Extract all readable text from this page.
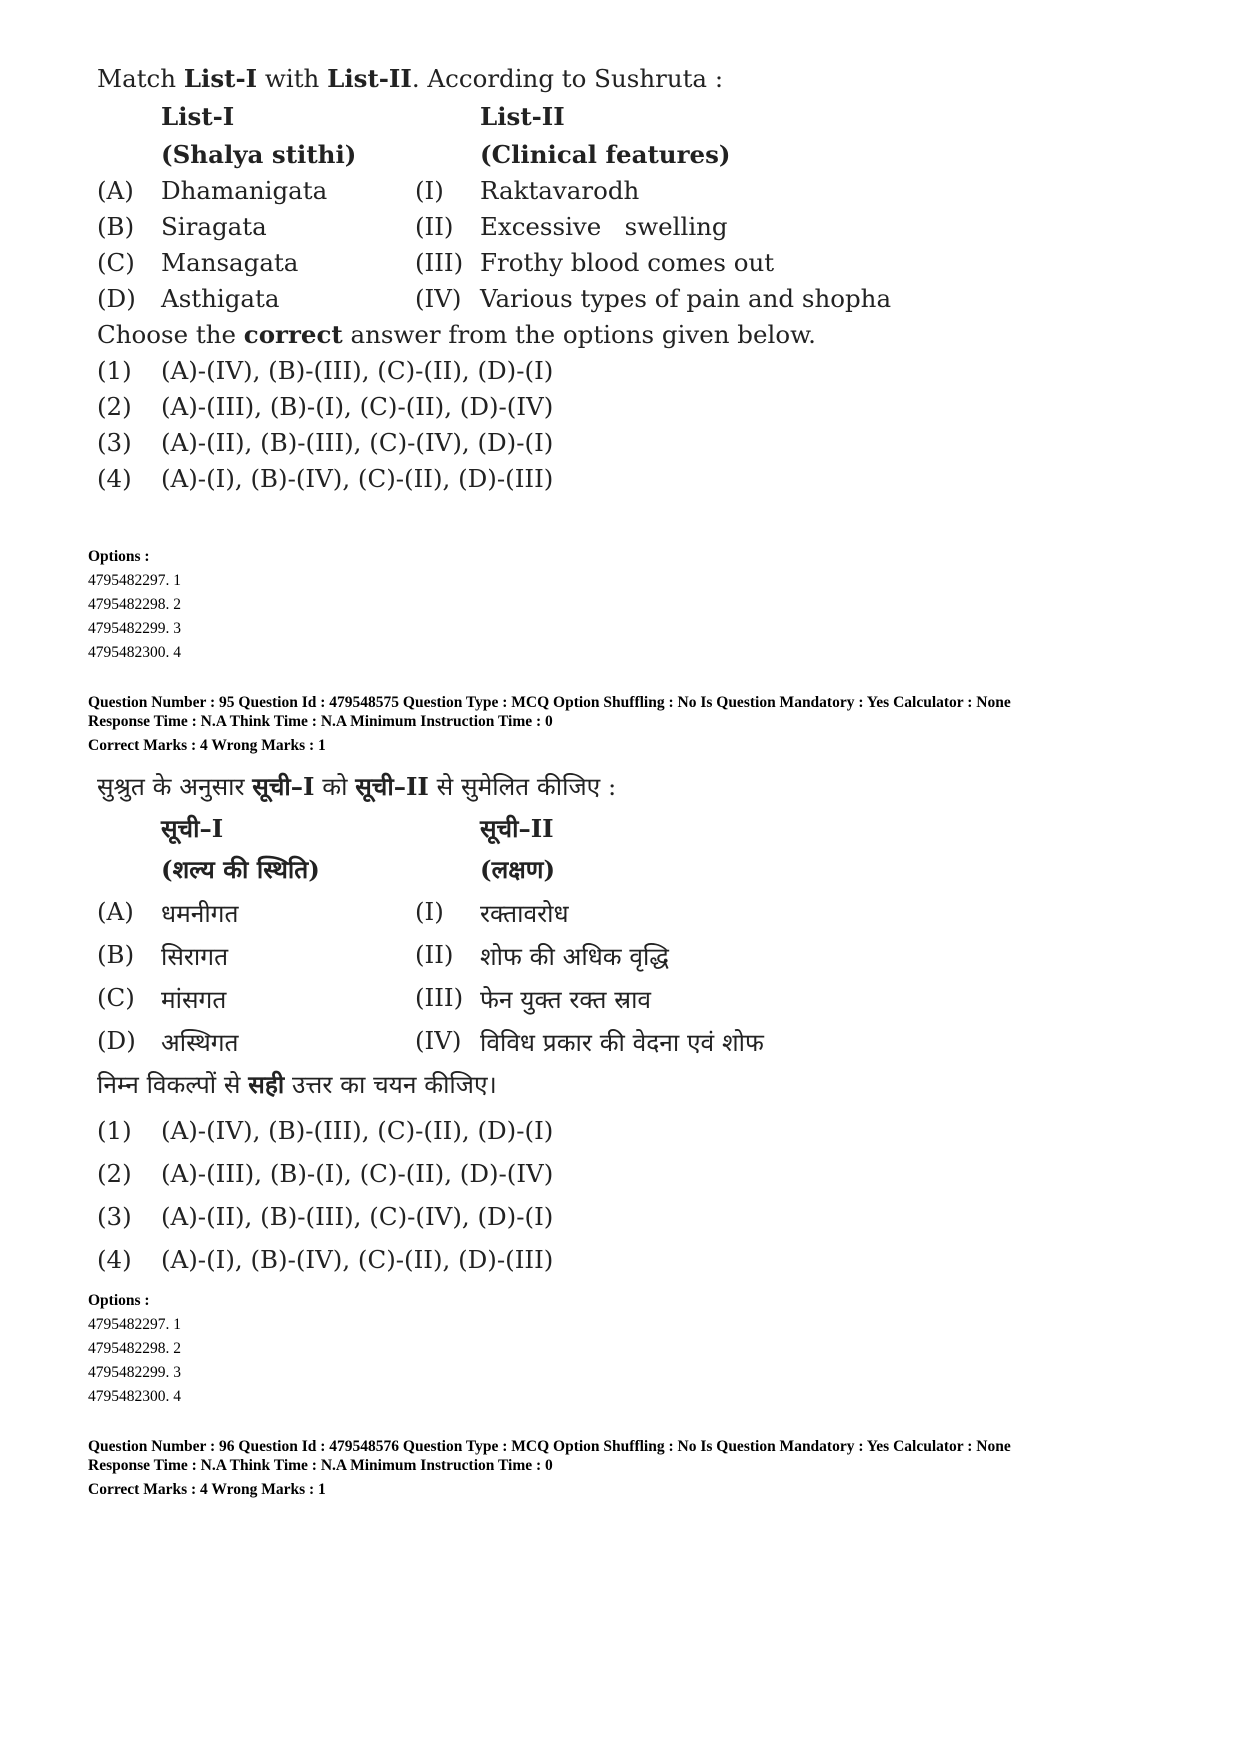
Match List-I with List-II. According to Sushruta :
List-I	List-II
(Shalya stithi)	(Clinical features)
(A) Dhamanigata	(I) Raktavarodh
(B) Siragata	(II) Excessive   swelling
(C) Mansagata	(III) Frothy blood comes out
(D) Asthigata	(IV) Various types of pain and shopha
Choose the correct answer from the options given below.
(1) (A)-(IV), (B)-(III), (C)-(II), (D)-(I)
(2) (A)-(III), (B)-(I), (C)-(II), (D)-(IV)
(3) (A)-(II), (B)-(III), (C)-(IV), (D)-(I)
(4) (A)-(I), (B)-(IV), (C)-(II), (D)-(III)
Options :
4795482297. 1
4795482298. 2
4795482299. 3
4795482300. 4
Question Number : 95 Question Id : 479548575 Question Type : MCQ Option Shuffling : No Is Question Mandatory : Yes Calculator : None
Response Time : N.A Think Time : N.A Minimum Instruction Time : 0
Correct Marks : 4 Wrong Marks : 1
सुश्रुत के अनुसार सूची–I को सूची–II से सुमेलित कीजिए :
सूची–I	सूची–II
(शल्य की स्थिति)	(लक्षण)
(A) धमनीगत	(I) रक्तावरोध
(B) सिरागत	(II) शोफ की अधिक वृद्धि
(C) मांसगत	(III) फेन युक्त रक्त स्राव
(D) अस्थिगत	(IV) विविध प्रकार की वेदना एवं शोफ
निम्न विकल्पों से सही उत्तर का चयन कीजिए।
(1) (A)-(IV), (B)-(III), (C)-(II), (D)-(I)
(2) (A)-(III), (B)-(I), (C)-(II), (D)-(IV)
(3) (A)-(II), (B)-(III), (C)-(IV), (D)-(I)
(4) (A)-(I), (B)-(IV), (C)-(II), (D)-(III)
Options :
4795482297. 1
4795482298. 2
4795482299. 3
4795482300. 4
Question Number : 96 Question Id : 479548576 Question Type : MCQ Option Shuffling : No Is Question Mandatory : Yes Calculator : None
Response Time : N.A Think Time : N.A Minimum Instruction Time : 0
Correct Marks : 4 Wrong Marks : 1
